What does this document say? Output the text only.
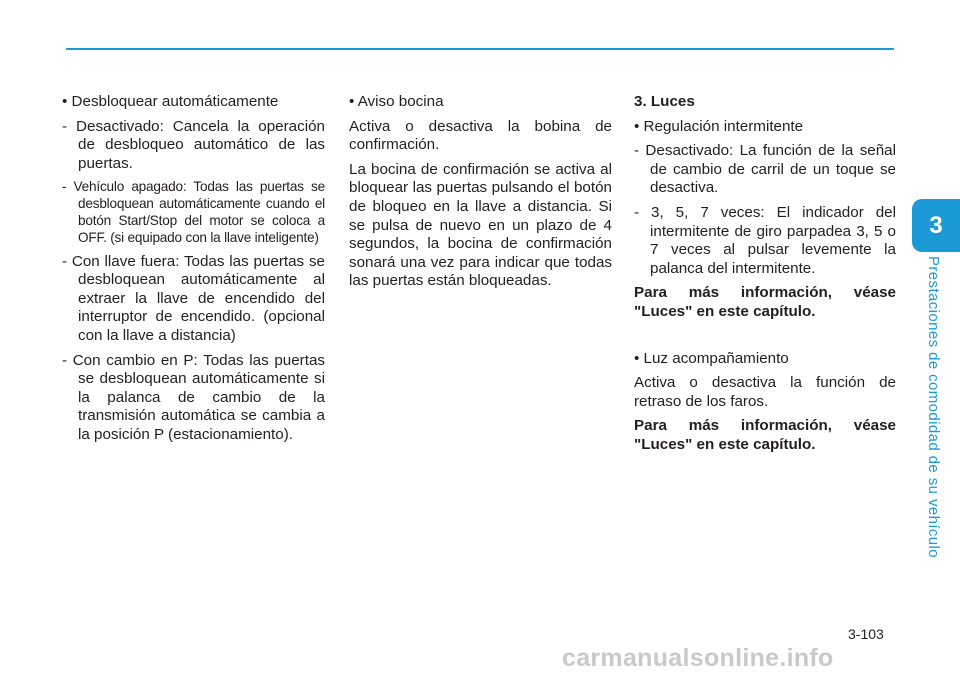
• Desbloquear automáticamente

- Desactivado: Cancela la operación de desbloqueo automático de las puertas.

- Vehículo apagado: Todas las puertas se desbloquean automáticamente cuando el botón Start/Stop del motor se coloca a OFF. (si equipado con la llave inteligente)

- Con llave fuera: Todas las puertas se desbloquean automáticamente al extraer la llave de encendido del interruptor de encendido. (opcional con la llave a distancia)

- Con cambio en P: Todas las puertas se desbloquean automáticamente si la palanca de cambio de la transmisión automática se cambia a la posición P (estacionamiento).

• Aviso bocina

Activa o desactiva la bobina de confirmación.

La bocina de confirmación se activa al bloquear las puertas pulsando el botón de bloqueo en la llave a distancia. Si se pulsa de nuevo en un plazo de 4 segundos, la bocina de confirmación sonará una vez para indicar que todas las puertas están bloqueadas.

3. Luces

• Regulación intermitente

- Desactivado: La función de la señal de cambio de carril de un toque se desactiva.

- 3, 5, 7 veces: El indicador del intermitente de giro parpadea 3, 5 o 7 veces al pulsar levemente la palanca del intermitente.

Para más información, véase "Luces" en este capítulo.

• Luz acompañamiento

Activa o desactiva la función de retraso de los faros.

Para más información, véase "Luces" en este capítulo.

3
Prestaciones de comodidad de su vehículo
3-103
carmanualsonline.info
